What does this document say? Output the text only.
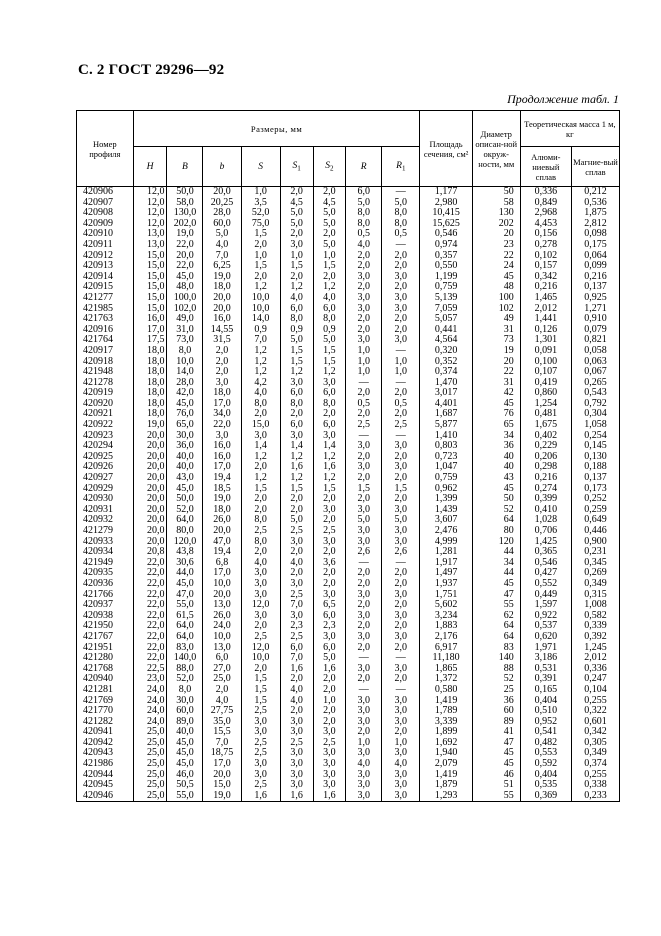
С. 2 ГОСТ 29296—92
Продолжение табл. 1
Номер профиля	Размеры, мм								Площадь сечения, см²	Диаметр описан-ной окруж-ности, мм	Теоретическая масса 1 м, кг	
	H	B	b	S	$S_1$	$S_2$	R	$R_1$			Алюми-ниевый сплав	Магние-вый сплав
420906	12,0	50,0	20,0	1,0	2,0	2,0	6,0	—	1,177	50	0,336	0,212
420907	12,0	58,0	20,25	3,5	4,5	4,5	5,0	5,0	2,980	58	0,849	0,536
420908	12,0	130,0	28,0	52,0	5,0	5,0	8,0	8,0	10,415	130	2,968	1,875
420909	12,0	202,0	60,0	75,0	5,0	5,0	8,0	8,0	15,625	202	4,453	2,812
420910	13,0	19,0	5,0	1,5	2,0	2,0	0,5	0,5	0,546	20	0,156	0,098
420911	13,0	22,0	4,0	2,0	3,0	5,0	4,0	—	0,974	23	0,278	0,175
420912	15,0	20,0	7,0	1,0	1,0	1,0	2,0	2,0	0,357	22	0,102	0,064
420913	15,0	22,0	6,25	1,5	1,5	1,5	2,0	2,0	0,550	24	0,157	0,099
420914	15,0	45,0	19,0	2,0	2,0	2,0	3,0	3,0	1,199	45	0,342	0,216
420915	15,0	48,0	18,0	1,2	1,2	1,2	2,0	2,0	0,759	48	0,216	0,137
421277	15,0	100,0	20,0	10,0	4,0	4,0	3,0	3,0	5,139	100	1,465	0,925
421985	15,0	102,0	20,0	10,0	6,0	6,0	3,0	3,0	7,059	102	2,012	1,271
421763	16,0	49,0	16,0	14,0	8,0	8,0	2,0	2,0	5,057	49	1,441	0,910
420916	17,0	31,0	14,55	0,9	0,9	0,9	2,0	2,0	0,441	31	0,126	0,079
421764	17,5	73,0	31,5	7,0	5,0	5,0	3,0	3,0	4,564	73	1,301	0,821
420917	18,0	8,0	2,0	1,2	1,5	1,5	1,0	—	0,320	19	0,091	0,058
420918	18,0	10,0	2,0	1,2	1,5	1,5	1,0	1,0	0,352	20	0,100	0,063
421948	18,0	14,0	2,0	1,2	1,2	1,2	1,0	1,0	0,374	22	0,107	0,067
421278	18,0	28,0	3,0	4,2	3,0	3,0	—	—	1,470	31	0,419	0,265
420919	18,0	42,0	18,0	4,0	6,0	6,0	2,0	2,0	3,017	42	0,860	0,543
420920	18,0	45,0	17,0	8,0	8,0	8,0	0,5	0,5	4,401	45	1,254	0,792
420921	18,0	76,0	34,0	2,0	2,0	2,0	2,0	2,0	1,687	76	0,481	0,304
420922	19,0	65,0	22,0	15,0	6,0	6,0	2,5	2,5	5,877	65	1,675	1,058
420923	20,0	30,0	3,0	3,0	3,0	3,0	—	—	1,410	34	0,402	0,254
420294	20,0	36,0	16,0	1,4	1,4	1,4	3,0	3,0	0,803	36	0,229	0,145
420925	20,0	40,0	16,0	1,2	1,2	1,2	2,0	2,0	0,723	40	0,206	0,130
420926	20,0	40,0	17,0	2,0	1,6	1,6	3,0	3,0	1,047	40	0,298	0,188
420927	20,0	43,0	19,4	1,2	1,2	1,2	2,0	2,0	0,759	43	0,216	0,137
420929	20,0	45,0	18,5	1,5	1,5	1,5	1,5	1,5	0,962	45	0,274	0,173
420930	20,0	50,0	19,0	2,0	2,0	2,0	2,0	2,0	1,399	50	0,399	0,252
420931	20,0	52,0	18,0	2,0	2,0	3,0	3,0	3,0	1,439	52	0,410	0,259
420932	20,0	64,0	26,0	8,0	5,0	2,0	5,0	5,0	3,607	64	1,028	0,649
421279	20,0	80,0	20,0	2,5	2,5	2,5	3,0	3,0	2,476	80	0,706	0,446
420933	20,0	120,0	47,0	8,0	3,0	3,0	3,0	3,0	4,999	120	1,425	0,900
420934	20,8	43,8	19,4	2,0	2,0	2,0	2,6	2,6	1,281	44	0,365	0,231
421949	22,0	30,6	6,8	4,0	4,0	3,6	—	—	1,917	34	0,546	0,345
420935	22,0	44,0	17,0	3,0	2,0	2,0	2,0	2,0	1,497	44	0,427	0,269
420936	22,0	45,0	10,0	3,0	3,0	2,0	2,0	2,0	1,937	45	0,552	0,349
421766	22,0	47,0	20,0	3,0	2,5	3,0	3,0	3,0	1,751	47	0,449	0,315
420937	22,0	55,0	13,0	12,0	7,0	6,5	2,0	2,0	5,602	55	1,597	1,008
420938	22,0	61,5	26,0	3,0	3,0	6,0	3,0	3,0	3,234	62	0,922	0,582
421950	22,0	64,0	24,0	2,0	2,3	2,3	2,0	2,0	1,883	64	0,537	0,339
421767	22,0	64,0	10,0	2,5	2,5	3,0	3,0	3,0	2,176	64	0,620	0,392
421951	22,0	83,0	13,0	12,0	6,0	6,0	2,0	2,0	6,917	83	1,971	1,245
421280	22,0	140,0	6,0	10,0	7,0	5,0	—	—	11,180	140	3,186	2,012
421768	22,5	88,0	27,0	2,0	1,6	1,6	3,0	3,0	1,865	88	0,531	0,336
420940	23,0	52,0	25,0	1,5	2,0	2,0	2,0	2,0	1,372	52	0,391	0,247
421281	24,0	8,0	2,0	1,5	4,0	2,0	—	—	0,580	25	0,165	0,104
421769	24,0	30,0	4,0	1,5	4,0	1,0	3,0	3,0	1,419	36	0,404	0,255
421770	24,0	60,0	27,75	2,5	2,0	2,0	3,0	3,0	1,789	60	0,510	0,322
421282	24,0	89,0	35,0	3,0	3,0	2,0	3,0	3,0	3,339	89	0,952	0,601
420941	25,0	40,0	15,5	3,0	3,0	3,0	2,0	2,0	1,899	41	0,541	0,342
420942	25,0	45,0	7,0	2,5	2,5	2,5	1,0	1,0	1,692	47	0,482	0,305
420943	25,0	45,0	18,75	2,5	3,0	3,0	3,0	3,0	1,940	45	0,553	0,349
421986	25,0	45,0	17,0	3,0	3,0	3,0	4,0	4,0	2,079	45	0,592	0,374
420944	25,0	46,0	20,0	3,0	3,0	3,0	3,0	3,0	1,419	46	0,404	0,255
420945	25,0	50,5	15,0	2,5	3,0	3,0	3,0	3,0	1,879	51	0,535	0,338
420946	25,0	55,0	19,0	1,6	1,6	1,6	3,0	3,0	1,293	55	0,369	0,233
